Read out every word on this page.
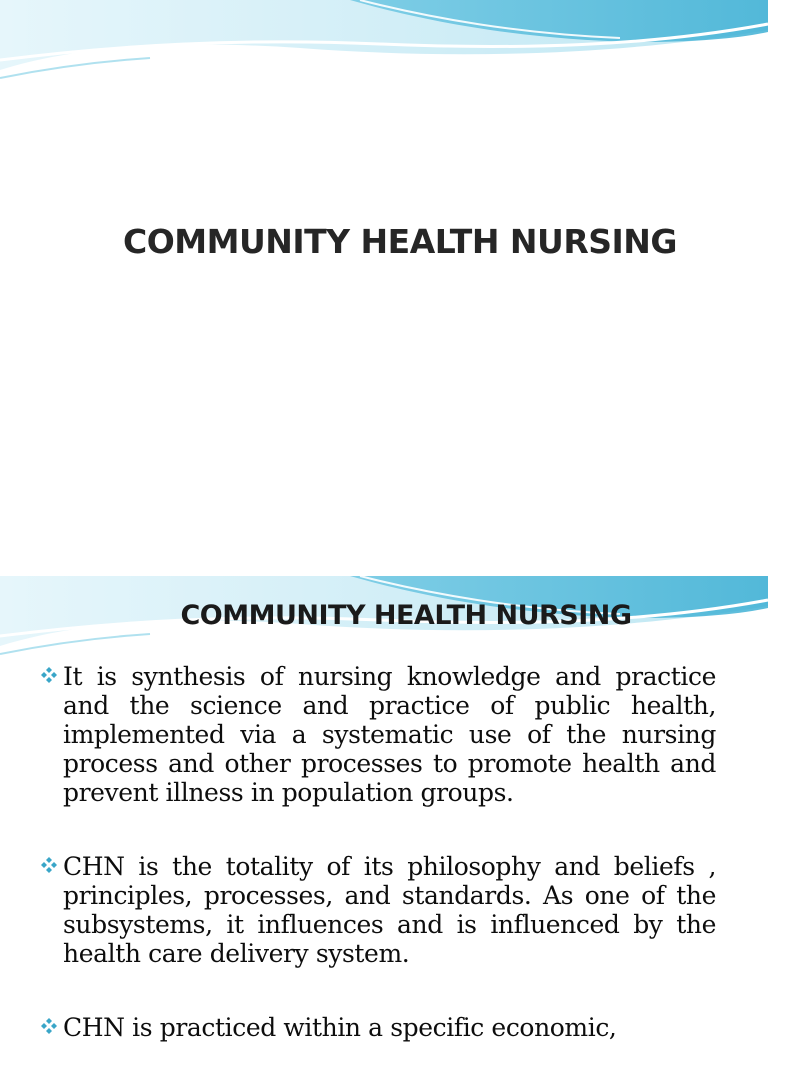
COMMUNITY HEALTH NURSING
COMMUNITY HEALTH NURSING
It is synthesis of nursing knowledge and practice and the science and practice of public health, implemented via a systematic use of the nursing process and other processes to promote health and prevent illness in population groups.
CHN is the totality of its philosophy and beliefs , principles, processes, and standards. As one of the subsystems, it influences and is influenced by the health care delivery system.
CHN is practiced within a specific economic,
